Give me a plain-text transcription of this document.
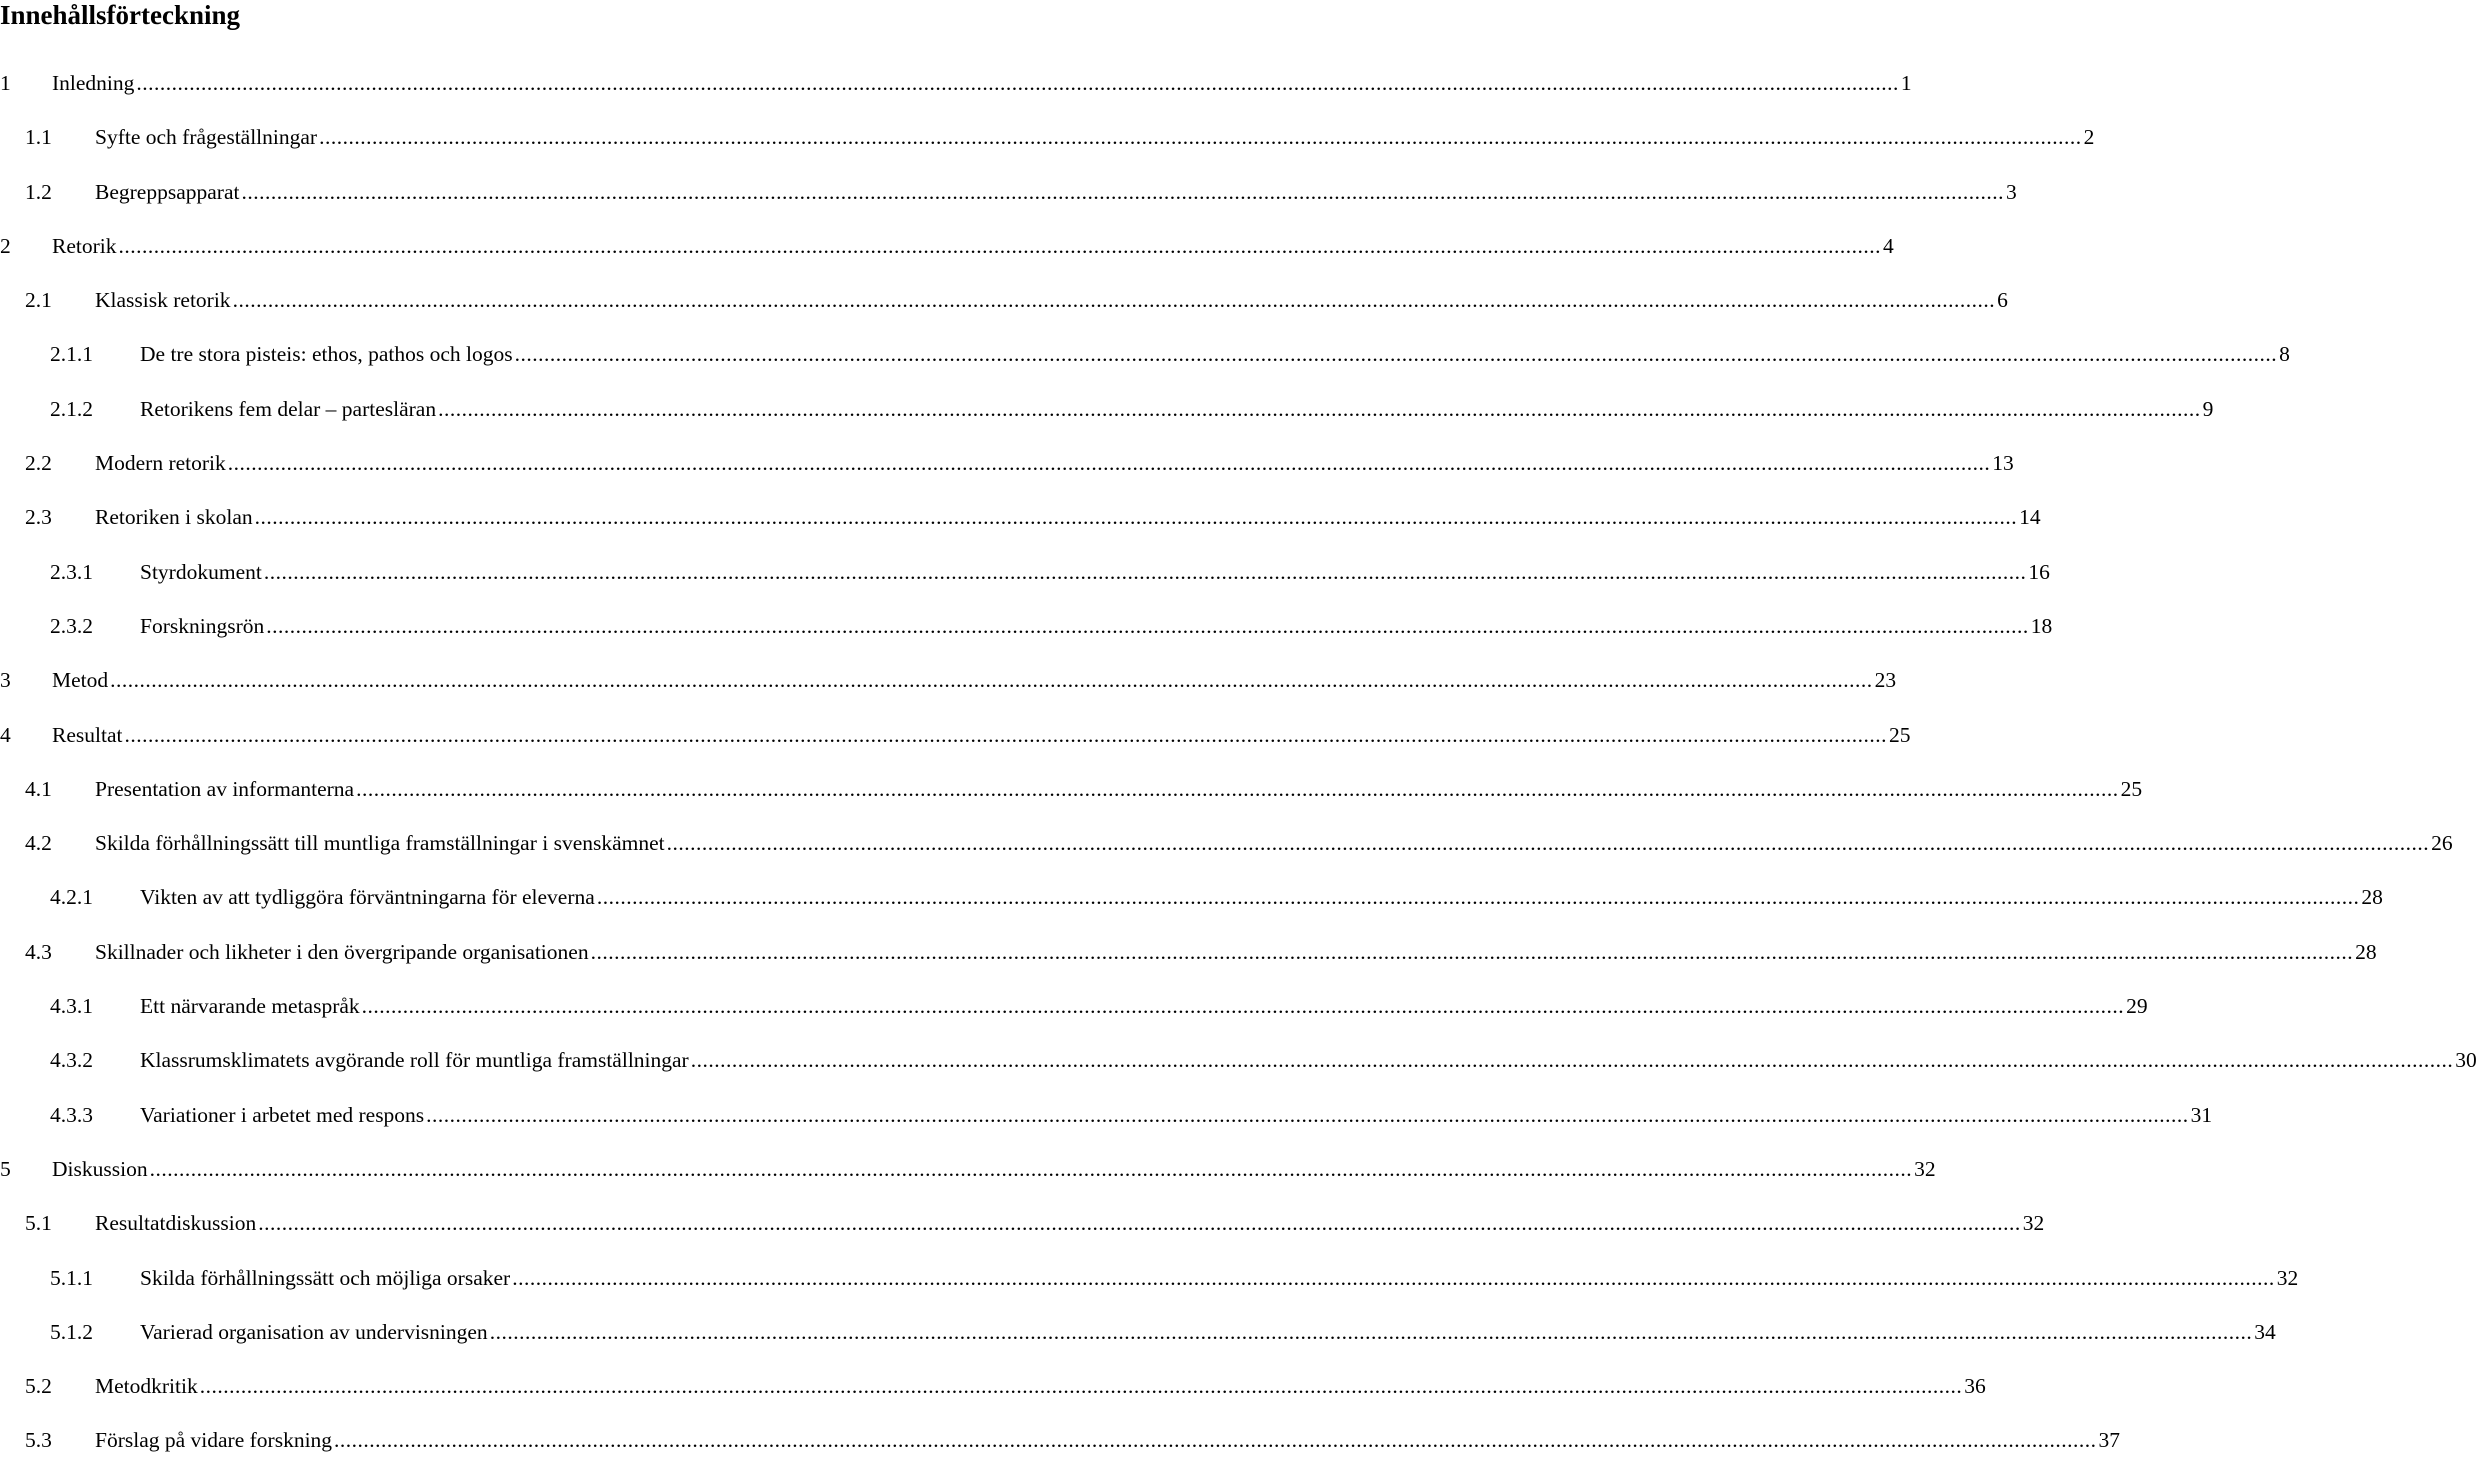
Innehållsförteckning
1 Inledning ............................................................................................................................................................................................................................................................................................................ 1
1.1 Syfte och frågeställningar ............................................................................................................................................................................................................................................................................................................ 2
1.2 Begreppsapparat ............................................................................................................................................................................................................................................................................................................ 3
2 Retorik ............................................................................................................................................................................................................................................................................................................ 4
2.1 Klassisk retorik ............................................................................................................................................................................................................................................................................................................ 6
2.1.1 De tre stora pisteis: ethos, pathos och logos ............................................................................................................................................................................................................................................................................................................ 8
2.1.2 Retorikens fem delar – partesläran ............................................................................................................................................................................................................................................................................................................ 9
2.2 Modern retorik ............................................................................................................................................................................................................................................................................................................ 13
2.3 Retoriken i skolan ............................................................................................................................................................................................................................................................................................................ 14
2.3.1 Styrdokument ............................................................................................................................................................................................................................................................................................................ 16
2.3.2 Forskningsrön ............................................................................................................................................................................................................................................................................................................ 18
3 Metod ............................................................................................................................................................................................................................................................................................................ 23
4 Resultat ............................................................................................................................................................................................................................................................................................................ 25
4.1 Presentation av informanterna ............................................................................................................................................................................................................................................................................................................ 25
4.2 Skilda förhållningssätt till muntliga framställningar i svenskämnet ............................................................................................................................................................................................................................................................................................................ 26
4.2.1 Vikten av att tydliggöra förväntningarna för eleverna ............................................................................................................................................................................................................................................................................................................ 28
4.3 Skillnader och likheter i den övergripande organisationen ............................................................................................................................................................................................................................................................................................................ 28
4.3.1 Ett närvarande metaspråk ............................................................................................................................................................................................................................................................................................................ 29
4.3.2 Klassrumsklimatets avgörande roll för muntliga framställningar ............................................................................................................................................................................................................................................................................................................ 30
4.3.3 Variationer i arbetet med respons ............................................................................................................................................................................................................................................................................................................ 31
5 Diskussion ............................................................................................................................................................................................................................................................................................................ 32
5.1 Resultatdiskussion ............................................................................................................................................................................................................................................................................................................ 32
5.1.1 Skilda förhållningssätt och möjliga orsaker ............................................................................................................................................................................................................................................................................................................ 32
5.1.2 Varierad organisation av undervisningen ............................................................................................................................................................................................................................................................................................................ 34
5.2 Metodkritik ............................................................................................................................................................................................................................................................................................................ 36
5.3 Förslag på vidare forskning ............................................................................................................................................................................................................................................................................................................ 37
